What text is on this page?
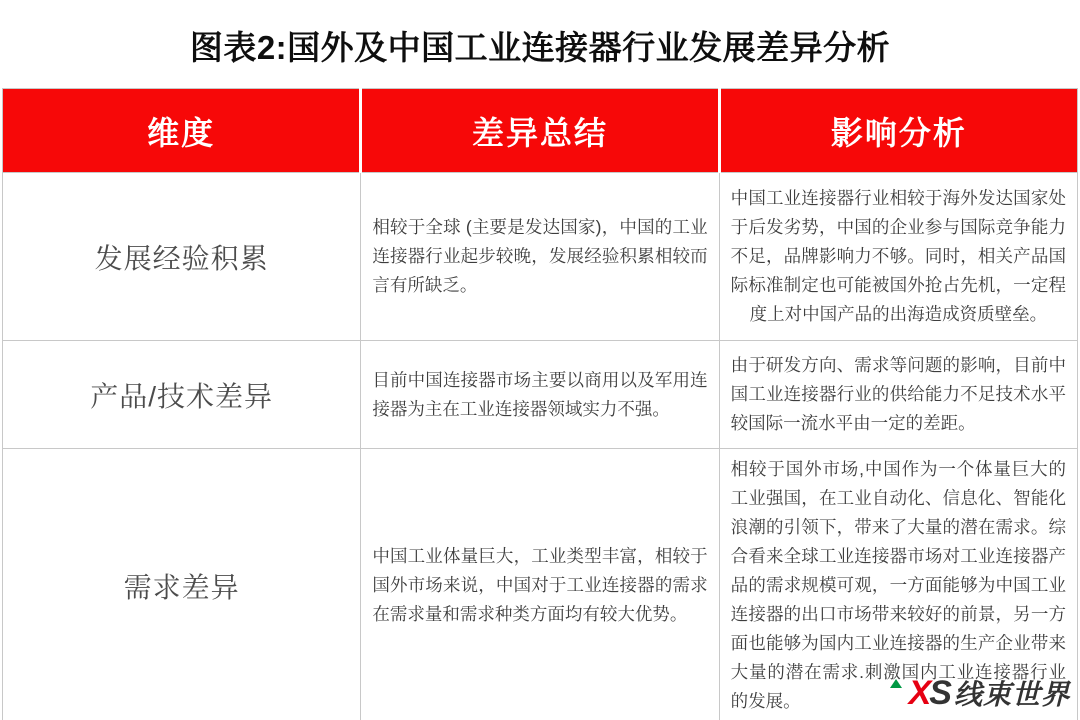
图表2:国外及中国工业连接器行业发展差异分析
维度	差异总结	影响分析
发展经验积累	相较于全球 (主要是发达国家)，中国的工业连接器行业起步较晚，发展经验积累相较而言有所缺乏。	中国工业连接器行业相较于海外发达国家处于后发劣势，中国的企业参与国际竞争能力不足，品牌影响力不够。同时，相关产品国际标准制定也可能被国外抢占先机，一定程度上对中国产品的出海造成资质壁垒。
产品/技术差异	目前中国连接器市场主要以商用以及军用连接器为主在工业连接器领域实力不强。	由于研发方向、需求等问题的影响，目前中国工业连接器行业的供给能力不足技术水平较国际一流水平由一定的差距。
需求差异	中国工业体量巨大，工业类型丰富，相较于国外市场来说，中国对于工业连接器的需求在需求量和需求种类方面均有较大优势。	相较于国外市场,中国作为一个体量巨大的工业强国，在工业自动化、信息化、智能化浪潮的引领下，带来了大量的潜在需求。综合看来全球工业连接器市场对工业连接器产品的需求规模可观，一方面能够为中国工业连接器的出口市场带来较好的前景，另一方面也能够为国内工业连接器的生产企业带来大量的潜在需求.刺激国内工业连接器行业的发展。	X S 线束世界
